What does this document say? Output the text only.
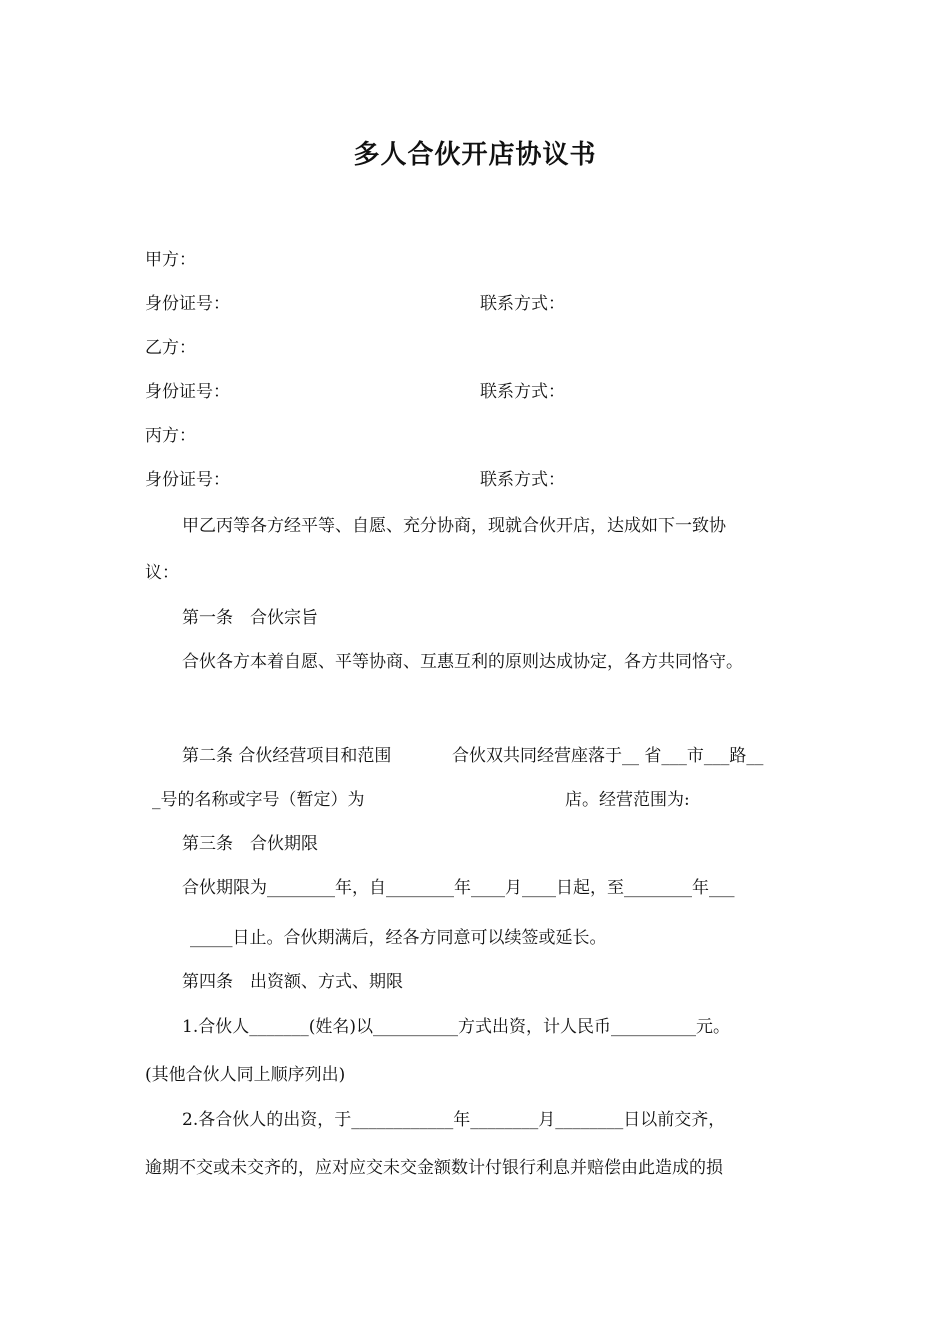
多人合伙开店协议书
甲方：
身份证号：	联系方式：
乙方：
身份证号：	联系方式：
丙方：
身份证号：	联系方式：
甲乙丙等各方经平等、自愿、充分协商，现就合伙开店，达成如下一致协
议：
第一条　合伙宗旨
合伙各方本着自愿、平等协商、互惠互利的原则达成协定，各方共同恪守。
第二条 合伙经营项目和范围	合伙双共同经营座落于__ 省___市___路__
_号的名称或字号（暂定）为	店。经营范围为:
第三条　合伙期限
合伙期限为________年，自________年____月____日起，至________年___
_____日止。合伙期满后，经各方同意可以续签或延长。
第四条　出资额、方式、期限
1.合伙人_______(姓名)以__________方式出资，计人民币__________元。
(其他合伙人同上顺序列出)
2.各合伙人的出资，于____________年________月________日以前交齐，
逾期不交或未交齐的，应对应交未交金额数计付银行利息并赔偿由此造成的损
